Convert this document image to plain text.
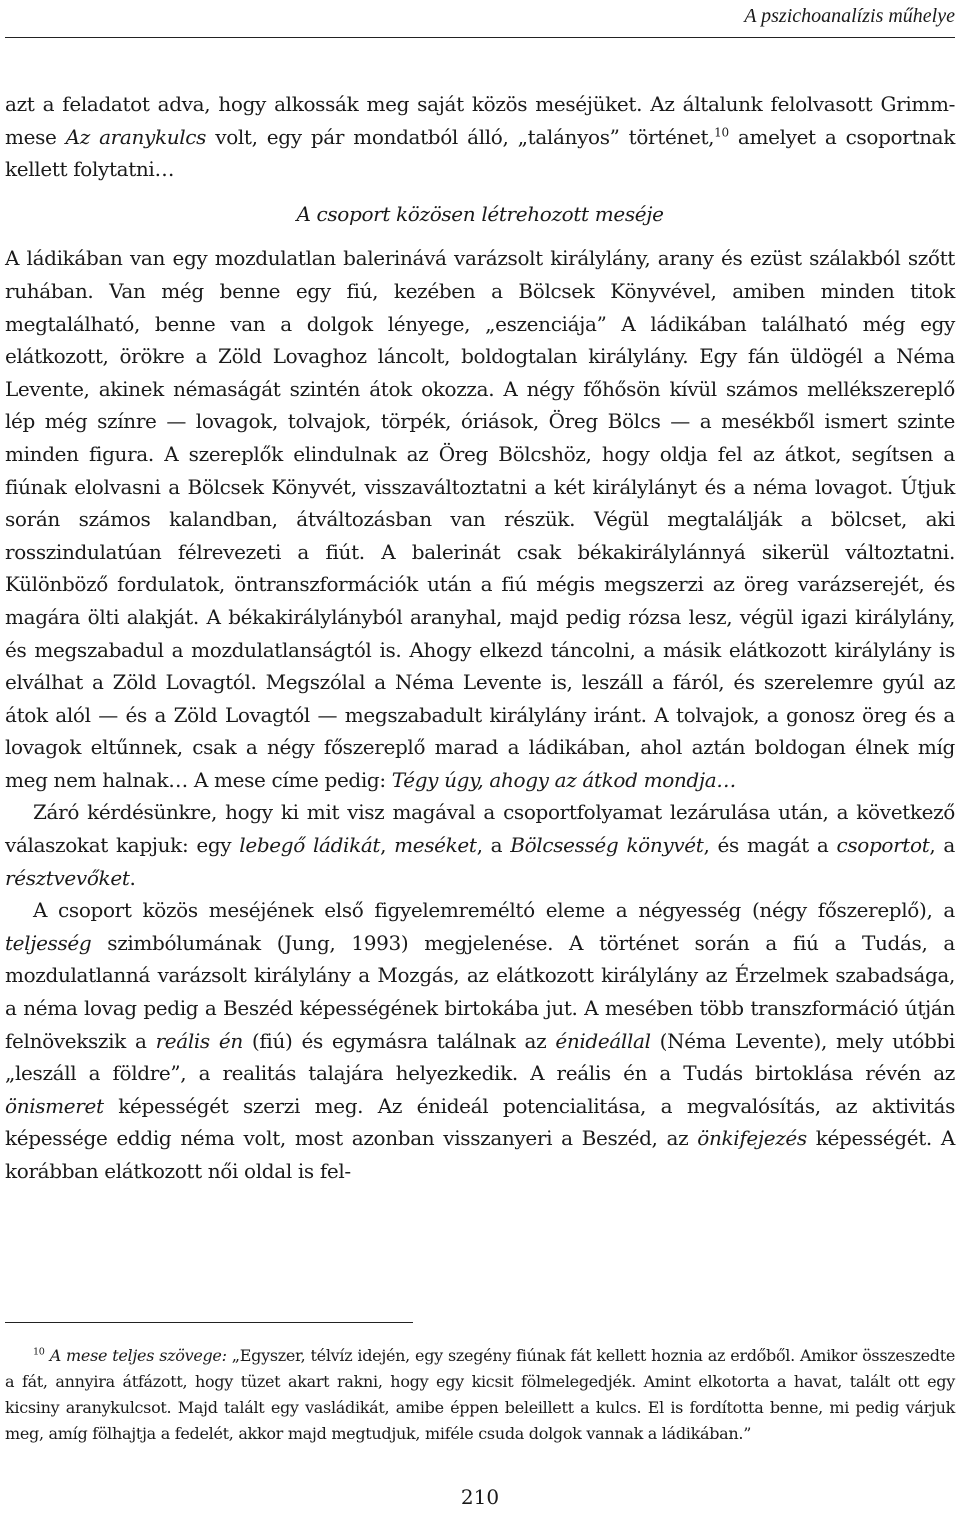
A pszichoanalízis műhelye

azt a feladatot adva, hogy alkossák meg saját közös meséjüket. Az általunk felolvasott Grimm-mese Az aranykulcs volt, egy pár mondatból álló, „talányos” történet,$^{10}$ amelyet a csoportnak kellett folytatni…

A csoport közösen létrehozott meséje

A ládikában van egy mozdulatlan balerinává varázsolt királylány, arany és ezüst szálakból szőtt ruhában. Van még benne egy fiú, kezében a Bölcsek Könyvével, amiben minden titok megtalálható, benne van a dolgok lényege, „eszenciája” A ládikában található még egy elátkozott, örökre a Zöld Lovaghoz láncolt, boldogtalan királylány. Egy fán üldögél a Néma Levente, akinek némaságát szintén átok okozza. A négy főhősön kívül számos mellékszereplő lép még színre — lovagok, tolvajok, törpék, óriások, Öreg Bölcs — a mesékből ismert szinte minden figura. A szereplők elindulnak az Öreg Bölcshöz, hogy oldja fel az átkot, segítsen a fiúnak elolvasni a Bölcsek Könyvét, visszaváltoztatni a két királylányt és a néma lovagot. Útjuk során számos kalandban, átváltozásban van részük. Végül megtalálják a bölcset, aki rosszindulatúan félrevezeti a fiút. A balerinát csak békakirálylánnyá sikerül változtatni. Különböző fordulatok, öntranszformációk után a fiú mégis megszerzi az öreg varázserejét, és magára ölti alakját. A békakirálylányból aranyhal, majd pedig rózsa lesz, végül igazi királylány, és megszabadul a mozdulatlanságtól is. Ahogy elkezd táncolni, a másik elátkozott királylány is elválhat a Zöld Lovagtól. Megszólal a Néma Levente is, leszáll a fáról, és szerelemre gyúl az átok alól — és a Zöld Lovagtól — megszabadult királylány iránt. A tolvajok, a gonosz öreg és a lovagok eltűnnek, csak a négy főszereplő marad a ládikában, ahol aztán boldogan élnek míg meg nem halnak… A mese címe pedig: Tégy úgy, ahogy az átkod mondja…

Záró kérdésünkre, hogy ki mit visz magával a csoportfolyamat lezárulása után, a következő válaszokat kapjuk: egy lebegő ládikát, meséket, a Bölcsesség könyvét, és magát a csoportot, a résztvevőket.

A csoport közös meséjének első figyelemreméltó eleme a négyesség (négy főszereplő), a teljesség szimbólumának (Jung, 1993) megjelenése. A történet során a fiú a Tudás, a mozdulatlanná varázsolt királylány a Mozgás, az elátkozott királylány az Érzelmek szabadsága, a néma lovag pedig a Beszéd képességének birtokába jut. A mesében több transzformáció útján felnövekszik a reális én (fiú) és egymásra találnak az énideállal (Néma Levente), mely utóbbi „leszáll a földre”, a realitás talajára helyezkedik. A reális én a Tudás birtoklása révén az önismeret képességét szerzi meg. Az énideál potencialitása, a megvalósítás, az aktivitás képessége eddig néma volt, most azonban visszanyeri a Beszéd, az önkifejezés képességét. A korábban elátkozott női oldal is fel-

$^{10}$ A mese teljes szövege: „Egyszer, télvíz idején, egy szegény fiúnak fát kellett hoznia az erdőből. Amikor összeszedte a fát, annyira átfázott, hogy tüzet akart rakni, hogy egy kicsit fölmelegedjék. Amint elkotorta a havat, talált ott egy kicsiny aranykulcsot. Majd talált egy vasládikát, amibe éppen beleillett a kulcs. El is fordította benne, mi pedig várjuk meg, amíg fölhajtja a fedelét, akkor majd megtudjuk, miféle csuda dolgok vannak a ládikában.”
210
